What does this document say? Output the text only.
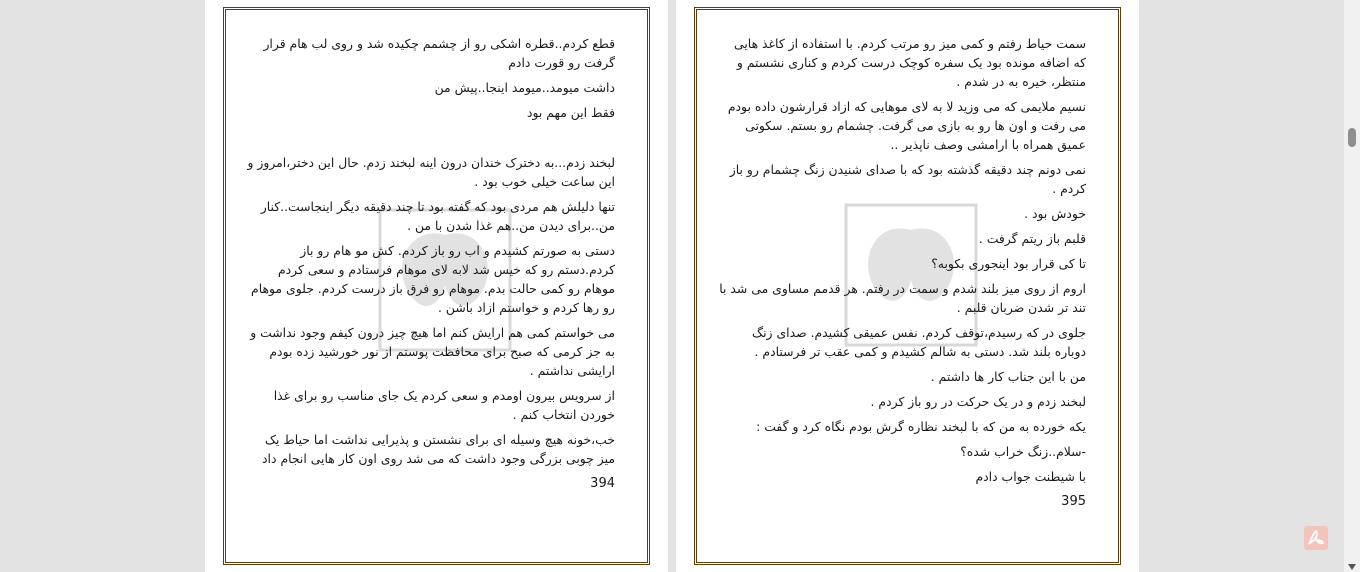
قطع کردم..قطره اشکی رو از چشمم چکیده شد و روی لب هام قرار گرفت رو قورت دادم

داشت میومد..میومد اینجا..پیش من

فقط این مهم بود

لبخند زدم...به دخترک خندان درون اینه لبخند زدم. حال این دختر،امروز و این ساعت خیلی خوب بود .

تنها دلیلش هم مردی بود که گفته بود تا چند دقیقه دیگر اینجاست..کنار من..برای دیدن من..هم غذا شدن با من .

دستی به صورتم کشیدم و اب رو باز کردم. کش مو هام رو باز کردم.دستم رو که خیس شد لابه لای موهام فرستادم و سعی کردم موهام رو کمی حالت بدم. موهام رو فرق باز درست کردم. جلوی موهام رو رها کردم و خواستم ازاد باشن .

می خواستم کمی هم ارایش کنم اما هیچ چیز درون کیفم وجود نداشت و به جز کرمی که صبح برای محافظت پوستم از نور خورشید زده بودم ارایشی نداشتم .

از سرویس بیرون اومدم و سعی کردم یک جای مناسب رو برای غذا خوردن انتخاب کنم .

خب،خونه هیچ وسیله ای برای نشستن و پذیرایی نداشت اما حیاط یک میز چوبی بزرگی وجود داشت که می شد روی اون کار هایی انجام داد

394

سمت حیاط رفتم و کمی میز رو مرتب کردم. با استفاده از کاغذ هایی که اضافه مونده بود یک سفره کوچک درست کردم و کناری نشستم و منتظر، خیره به در شدم .

نسیم ملایمی که می وزید لا به لای موهایی که ازاد قرارشون داده بودم می رفت و اون ها رو به بازی می گرفت. چشمام رو بستم. سکوتی عمیق همراه با ارامشی وصف ناپذیر ..

نمی دونم چند دقیقه گذشته بود که با صدای شنیدن زنگ چشمام رو باز کردم .

خودش بود .

قلبم باز ریتم گرفت .

تا کی قرار بود اینجوری بکوبه؟

اروم از روی میز بلند شدم و سمت در رفتم. هر قدمم مساوی می شد با تند تر شدن ضربان قلبم .

جلوی در که رسیدم،توقف کردم. نفس عمیقی کشیدم. صدای زنگ دوباره بلند شد. دستی به شالم کشیدم و کمی عقب تر فرستادم .

من با این جناب کار ها داشتم .

لبخند زدم و در یک حرکت در رو باز کردم .

یکه خورده به من که با لبخند نظاره گرش بودم نگاه کرد و گفت :

-سلام..زنگ خراب شده؟

با شیطنت جواب دادم

395
